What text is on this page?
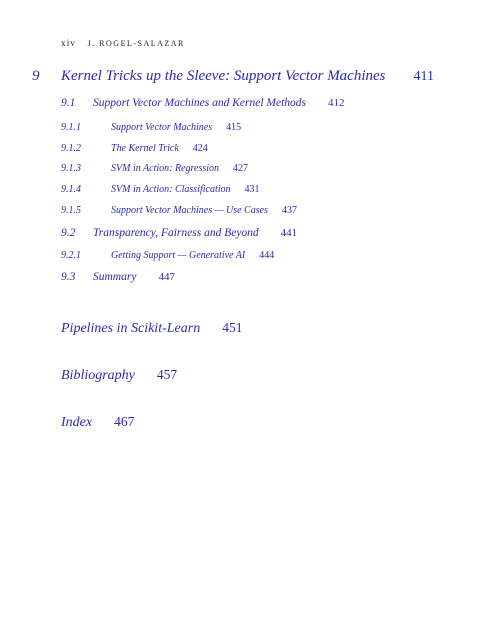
xiv J. ROGEL-SALAZAR
9 Kernel Tricks up the Sleeve: Support Vector Machines 411
9.1	Support Vector Machines and Kernel Methods 412
9.1.1	Support Vector Machines 415
9.1.2	The Kernel Trick 424
9.1.3	SVM in Action: Regression 427
9.1.4	SVM in Action: Classification 431
9.1.5	Support Vector Machines — Use Cases 437
9.2	Transparency, Fairness and Beyond 441
9.2.1	Getting Support — Generative AI 444
9.3	Summary 447
Pipelines in Scikit-Learn 451
Bibliography 457
Index 467
